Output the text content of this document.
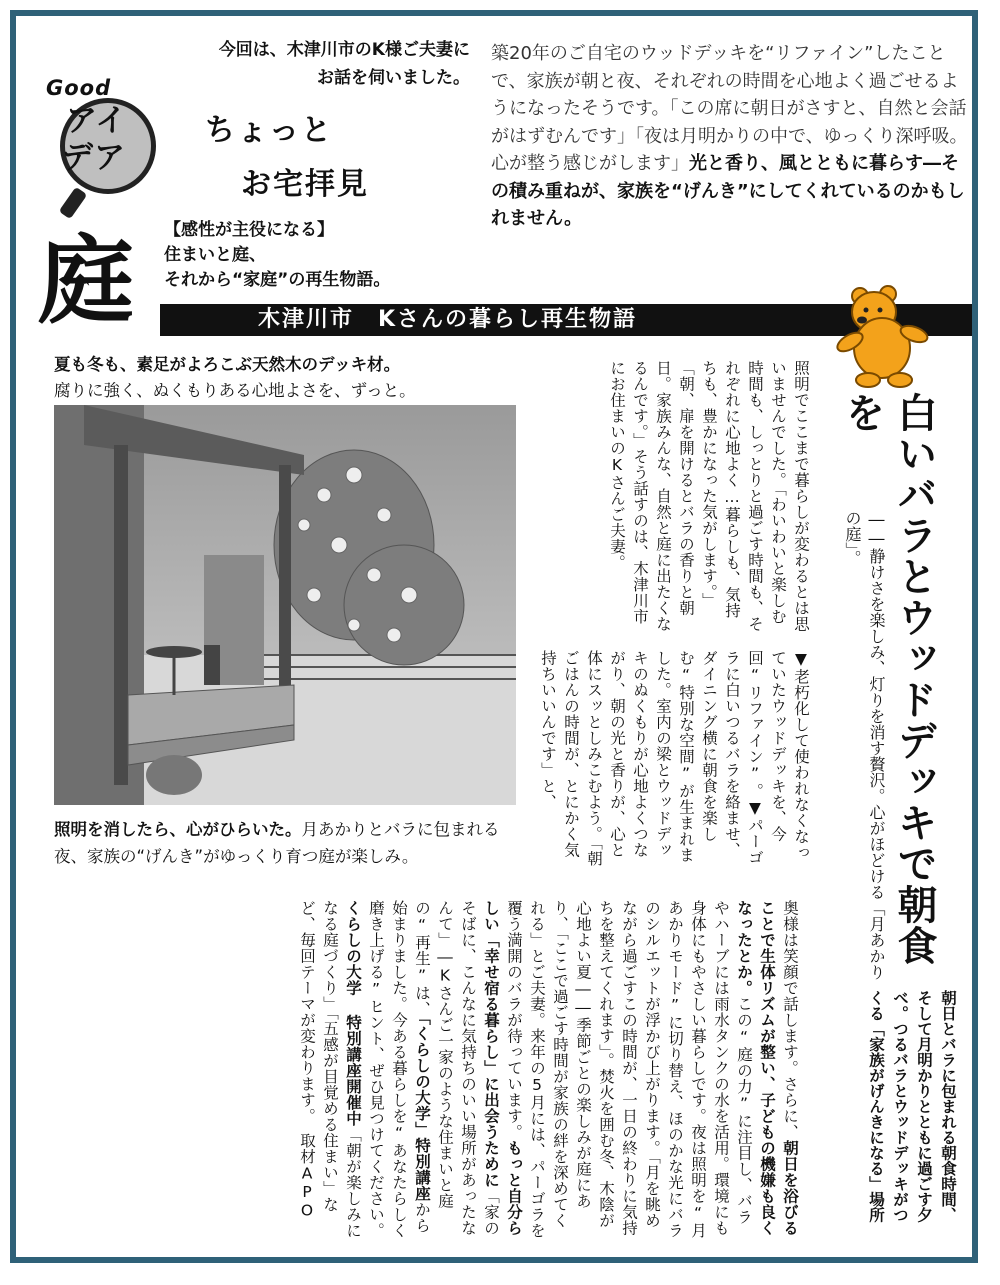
Good
アイ
デア
庭
今回は、木津川市のK様ご夫妻に
お話を伺いました。
ちょっと
お宅拝見
【感性が主役になる】
住まいと庭、
それから“家庭”の再生物語。
築20年のご自宅のウッドデッキを“リファイン”したことで、家族が朝と夜、それぞれの時間を心地よく過ごせるようになったそうです。「この席に朝日がさすと、自然と会話がはずむんです」「夜は月明かりの中で、ゆっくり深呼吸。心が整う感じがします」光と香り、風とともに暮らす―その積み重ねが、家族を“げんき”にしてくれているのかもしれません。
木津川市　Kさんの暮らし再生物語
夏も冬も、素足がよろこぶ天然木のデッキ材。
腐りに強く、ぬくもりある心地よさを、ずっと。
照明を消したら、心がひらいた。月あかりとバラに包まれる夜、家族の“げんき”がゆっくり育つ庭が楽しみ。	白いバラとウッドデッキで朝食を
――静けさを楽しみ、灯りを消す贅沢。心がほどける「月あかりの庭」。
照明でここまで暮らしが変わるとは思いませんでした。「わいわいと楽しむ時間も、しっとりと過ごす時間も、それぞれに心地よく…暮らしも、気持ちも、豊かになった気がします。」「朝、扉を開けるとバラの香りと朝日。家族みんな、自然と庭に出たくなるんです。」そう話すのは、木津川市にお住まいのKさんご夫妻。
▼老朽化して使われなくなっていたウッドデッキを、今回“リファイン”。▼パーゴラに白いつるバラを絡ませ、ダイニング横に朝食を楽しむ“特別な空間”が生まれました。室内の梁とウッドデッキのぬくもりが心地よくつながり、朝の光と香りが、心と体にスッとしみこむよう。「朝ごはんの時間が、とにかく気持ちいいんです」と、
奥様は笑顔で話します。さらに、朝日を浴びることで生体リズムが整い、子どもの機嫌も良くなったとか。この“庭の力”に注目し、バラやハーブには雨水タンクの水を活用。環境にも身体にもやさしい暮らしです。夜は照明を“月あかりモード”に切り替え、ほのかな光にバラのシルエットが浮かび上がります。「月を眺めながら過ごすこの時間が、一日の終わりに気持ちを整えてくれます」。焚火を囲む冬、木陰が心地よい夏――季節ごとの楽しみが庭にあり、「ここで過ごす時間が家族の絆を深めてくれる」とご夫妻。来年の5月には、パーゴラを覆う満開のバラが待っています。もっと自分らしい「幸せ宿る暮らし」に出会うために「家のそばに、こんなに気持ちのいい場所があったなんて」―Kさんご一家のような住まいと庭の“再生”は、「くらしの大学」特別講座から始まりました。今ある暮らしを“あなたらしく磨き上げる”ヒント、ぜひ見つけてください。くらしの大学 特別講座開催中「朝が楽しみになる庭づくり」「五感が目覚める住まい」など、毎回テーマが変わります。　取材APO	朝日とバラに包まれる朝食時間、そして月明かりとともに過ごす夕べ。つるバラとウッドデッキがつくる「家族がげんきになる」場所
